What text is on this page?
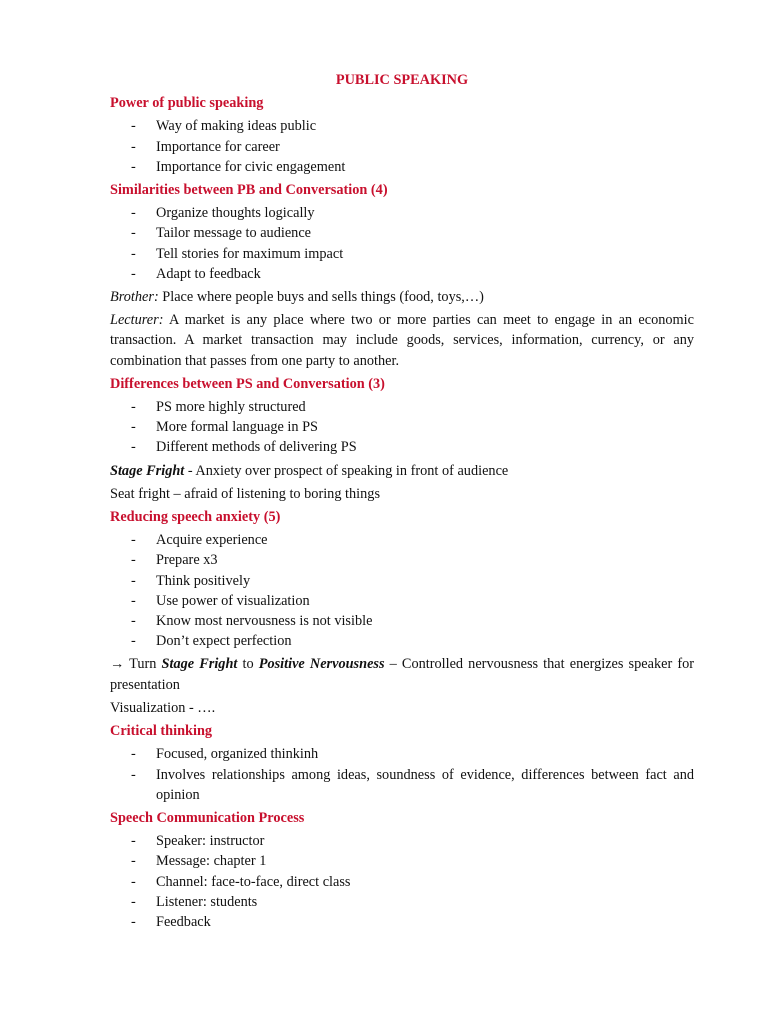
PUBLIC SPEAKING
Power of public speaking
- Way of making ideas public
- Importance for career
- Importance for civic engagement
Similarities between PB and Conversation (4)
- Organize thoughts logically
- Tailor message to audience
- Tell stories for maximum impact
- Adapt to feedback
Brother: Place where people buys and sells things (food, toys,…)
Lecturer: A market is any place where two or more parties can meet to engage in an economic transaction. A market transaction may include goods, services, information, currency, or any combination that passes from one party to another.
Differences between PS and Conversation (3)
- PS more highly structured
- More formal language in PS
- Different methods of delivering PS
Stage Fright - Anxiety over prospect of speaking in front of audience
Seat fright – afraid of listening to boring things
Reducing speech anxiety (5)
- Acquire experience
- Prepare x3
- Think positively
- Use power of visualization
- Know most nervousness is not visible
- Don’t expect perfection
→ Turn Stage Fright to Positive Nervousness – Controlled nervousness that energizes speaker for presentation
Visualization - ….
Critical thinking
- Focused, organized thinkinh
- Involves relationships among ideas, soundness of evidence, differences between fact and opinion
Speech Communication Process
- Speaker: instructor
- Message: chapter 1
- Channel: face-to-face, direct class
- Listener: students
- Feedback
